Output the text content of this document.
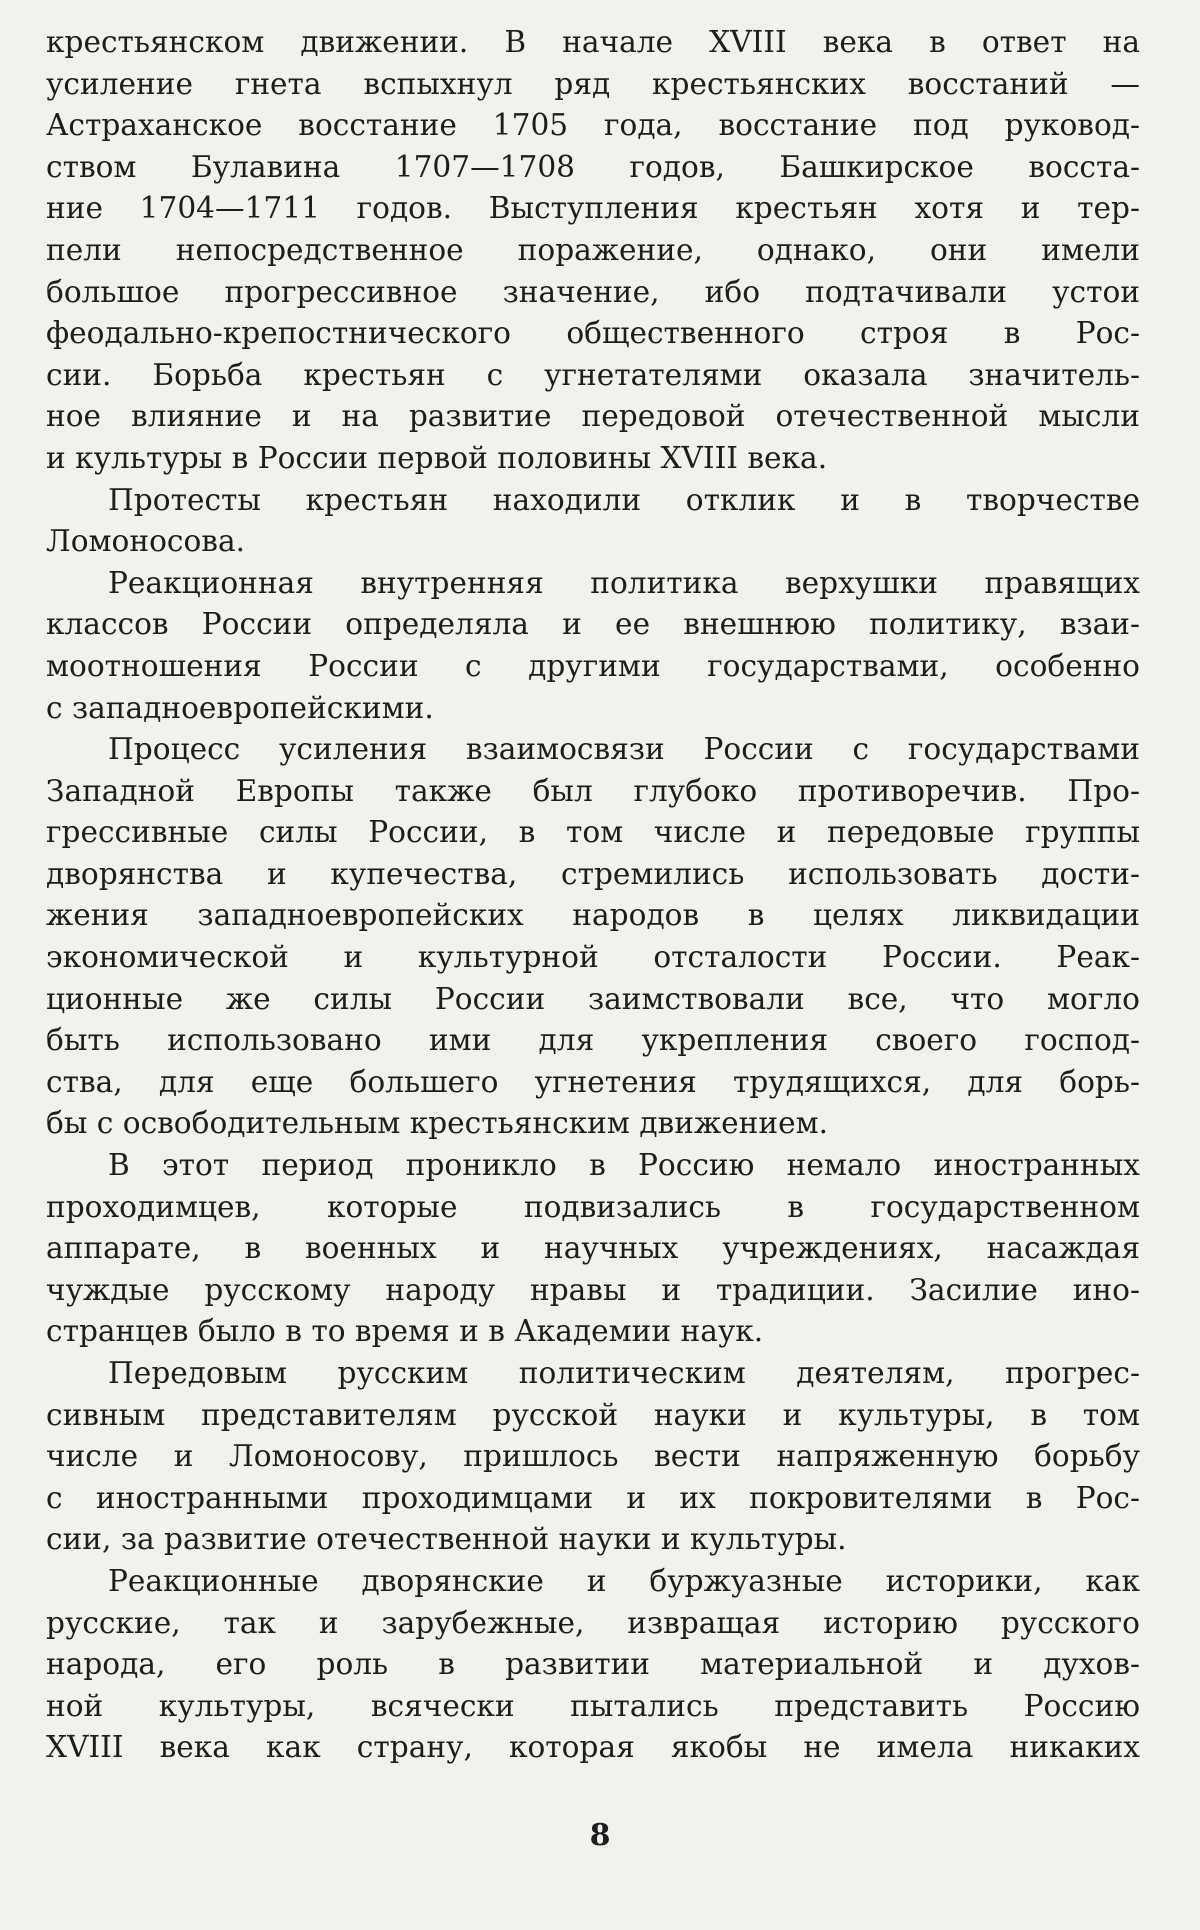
крестьянском движении. В начале XVIII века в ответ на
усиление гнета вспыхнул ряд крестьянских восстаний —
Астраханское восстание 1705 года, восстание под руковод-
ством Булавина 1707—1708 годов, Башкирское восста-
ние 1704—1711 годов. Выступления крестьян хотя и тер-
пели непосредственное поражение, однако, они имели
большое прогрессивное значение, ибо подтачивали устои
феодально-крепостнического общественного строя в Рос-
сии. Борьба крестьян с угнетателями оказала значитель-
ное влияние и на развитие передовой отечественной мысли
и культуры в России первой половины XVIII века.
Протесты крестьян находили отклик и в творчестве
Ломоносова.
Реакционная внутренняя политика верхушки правящих
классов России определяла и ее внешнюю политику, взаи-
моотношения России с другими государствами, особенно
с западноевропейскими.
Процесс усиления взаимосвязи России с государствами
Западной Европы также был глубоко противоречив. Про-
грессивные силы России, в том числе и передовые группы
дворянства и купечества, стремились использовать дости-
жения западноевропейских народов в целях ликвидации
экономической и культурной отсталости России. Реак-
ционные же силы России заимствовали все, что могло
быть использовано ими для укрепления своего господ-
ства, для еще большего угнетения трудящихся, для борь-
бы с освободительным крестьянским движением.
В этот период проникло в Россию немало иностранных
проходимцев, которые подвизались в государственном
аппарате, в военных и научных учреждениях, насаждая
чуждые русскому народу нравы и традиции. Засилие ино-
странцев было в то время и в Академии наук.
Передовым русским политическим деятелям, прогрес-
сивным представителям русской науки и культуры, в том
числе и Ломоносову, пришлось вести напряженную борьбу
с иностранными проходимцами и их покровителями в Рос-
сии, за развитие отечественной науки и культуры.
Реакционные дворянские и буржуазные историки, как
русские, так и зарубежные, извращая историю русского
народа, его роль в развитии материальной и духов-
ной культуры, всячески пытались представить Россию
XVIII века как страну, которая якобы не имела никаких
8
